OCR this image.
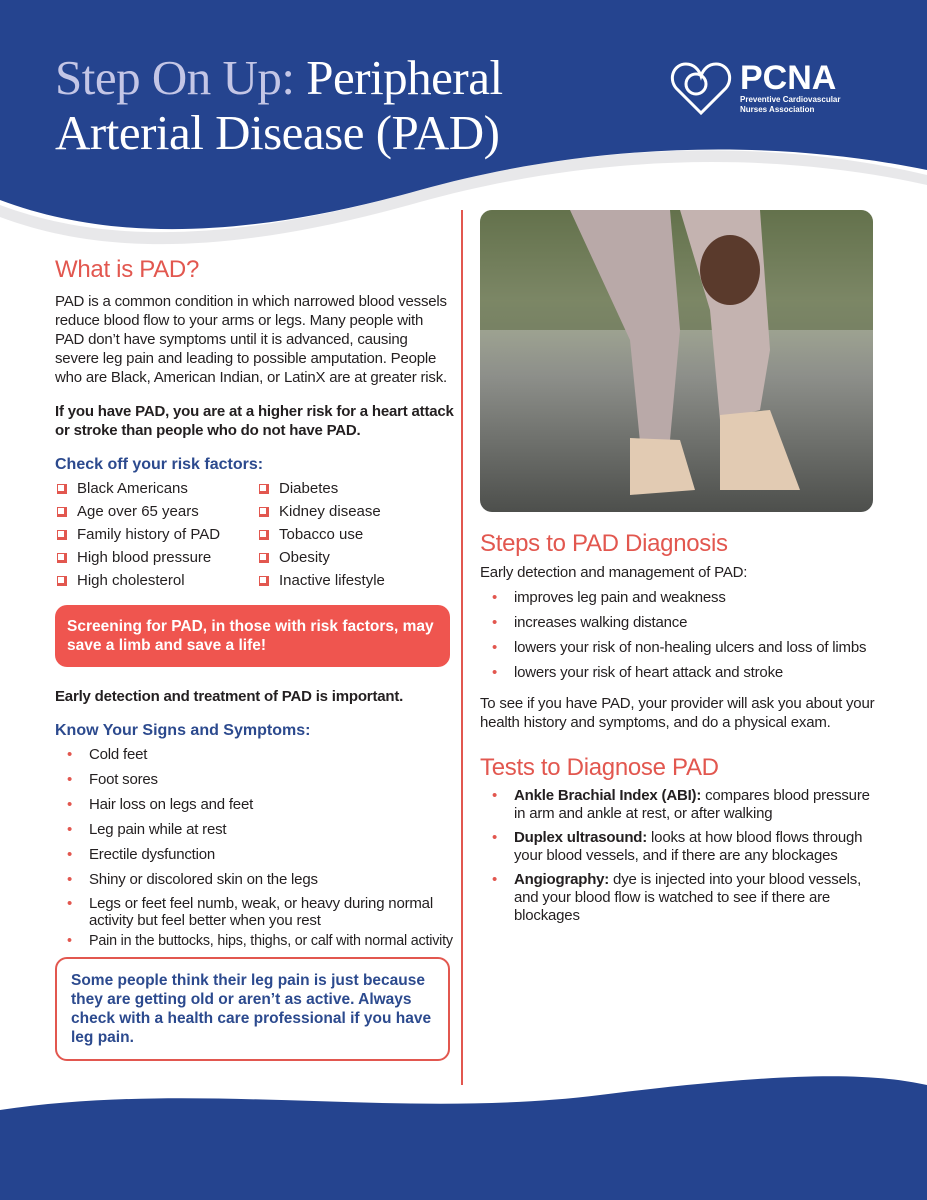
Step On Up: Peripheral
Arterial Disease (PAD)
PCNA
Preventive Cardiovascular
Nurses Association
What is PAD?

PAD is a common condition in which narrowed blood vessels reduce blood flow to your arms or legs. Many people with PAD don’t have symptoms until it is advanced, causing severe leg pain and leading to possible amputation. People who are Black, American Indian, or LatinX are at greater risk.

If you have PAD, you are at a higher risk for a heart attack or stroke than people who do not have PAD.

Check off your risk factors:
Black Americans	Diabetes
Age over 65 years	Kidney disease
Family history of PAD	Tobacco use
High blood pressure	Obesity
High cholesterol	Inactive lifestyle
Screening for PAD, in those with risk factors, may save a limb and save a life!

Early detection and treatment of PAD is important.

Know Your Signs and Symptoms:
• Cold feet
• Foot sores
• Hair loss on legs and feet
• Leg pain while at rest
• Erectile dysfunction
• Shiny or discolored skin on the legs
• Legs or feet feel numb, weak, or heavy during normal activity but feel better when you rest
• Pain in the buttocks, hips, thighs, or calf with normal activity
Some people think their leg pain is just because they are getting old or aren’t as active. Always check with a health care professional if you have leg pain.
Steps to PAD Diagnosis

Early detection and management of PAD:

• improves leg pain and weakness
• increases walking distance
• lowers your risk of non-healing ulcers and loss of limbs
• lowers your risk of heart attack and stroke

To see if you have PAD, your provider will ask you about your health history and symptoms, and do a physical exam.

Tests to Diagnose PAD
• Ankle Brachial Index (ABI): compares blood pressure in arm and ankle at rest, or after walking
• Duplex ultrasound: looks at how blood flows through your blood vessels, and if there are any blockages
• Angiography: dye is injected into your blood vessels, and your blood flow is watched to see if there are blockages
